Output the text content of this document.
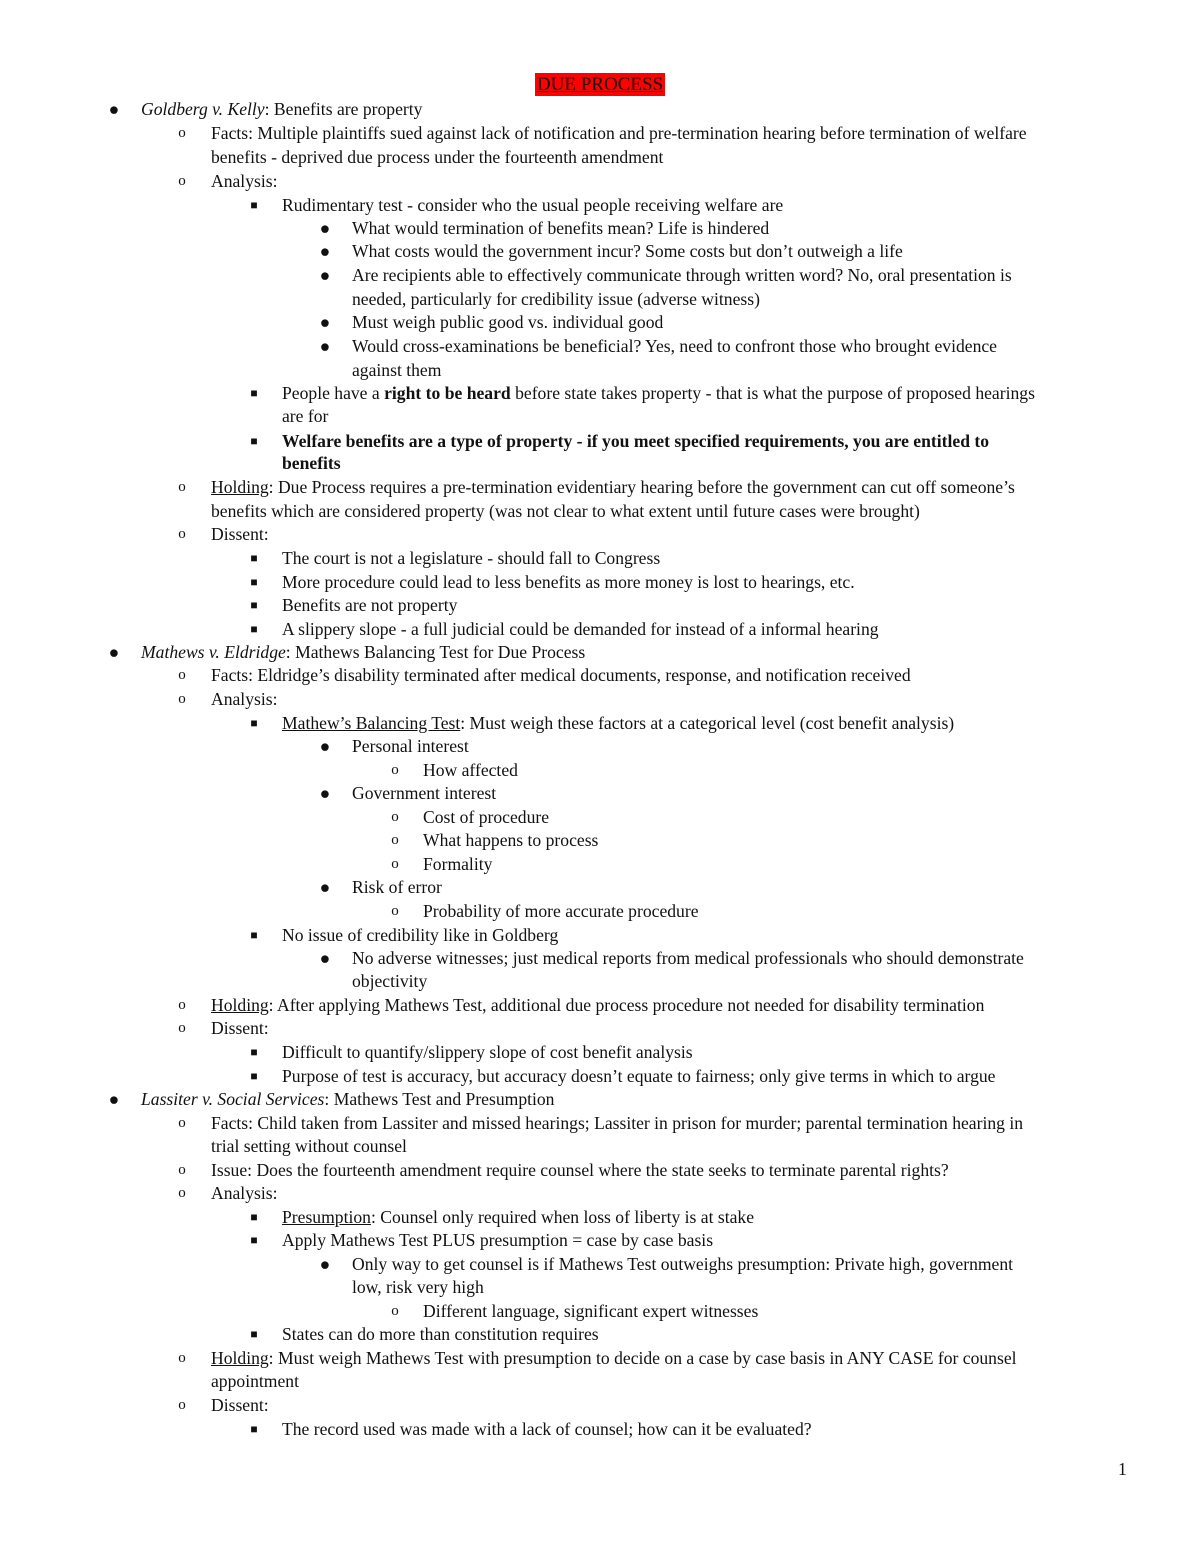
DUE PROCESS
● Goldberg v. Kelly: Benefits are property
o Facts: Multiple plaintiffs sued against lack of notification and pre-termination hearing before termination of welfare
benefits - deprived due process under the fourteenth amendment
o Analysis:
■ Rudimentary test - consider who the usual people receiving welfare are
● What would termination of benefits mean? Life is hindered
● What costs would the government incur? Some costs but don’t outweigh a life
● Are recipients able to effectively communicate through written word? No, oral presentation is
needed, particularly for credibility issue (adverse witness)
● Must weigh public good vs. individual good
● Would cross-examinations be beneficial? Yes, need to confront those who brought evidence
against them
■ People have a right to be heard before state takes property - that is what the purpose of proposed hearings
are for
■ Welfare benefits are a type of property - if you meet specified requirements, you are entitled to
benefits
o Holding: Due Process requires a pre-termination evidentiary hearing before the government can cut off someone’s
benefits which are considered property (was not clear to what extent until future cases were brought)
o Dissent:
■ The court is not a legislature - should fall to Congress
■ More procedure could lead to less benefits as more money is lost to hearings, etc.
■ Benefits are not property
■ A slippery slope - a full judicial could be demanded for instead of a informal hearing
● Mathews v. Eldridge: Mathews Balancing Test for Due Process
o Facts: Eldridge’s disability terminated after medical documents, response, and notification received
o Analysis:
■ Mathew’s Balancing Test: Must weigh these factors at a categorical level (cost benefit analysis)
● Personal interest
o How affected
● Government interest
o Cost of procedure
o What happens to process
o Formality
● Risk of error
o Probability of more accurate procedure
■ No issue of credibility like in Goldberg
● No adverse witnesses; just medical reports from medical professionals who should demonstrate
objectivity
o Holding: After applying Mathews Test, additional due process procedure not needed for disability termination
o Dissent:
■ Difficult to quantify/slippery slope of cost benefit analysis
■ Purpose of test is accuracy, but accuracy doesn’t equate to fairness; only give terms in which to argue
● Lassiter v. Social Services: Mathews Test and Presumption
o Facts: Child taken from Lassiter and missed hearings; Lassiter in prison for murder; parental termination hearing in
trial setting without counsel
o Issue: Does the fourteenth amendment require counsel where the state seeks to terminate parental rights?
o Analysis:
■ Presumption: Counsel only required when loss of liberty is at stake
■ Apply Mathews Test PLUS presumption = case by case basis
● Only way to get counsel is if Mathews Test outweighs presumption: Private high, government
low, risk very high
o Different language, significant expert witnesses
■ States can do more than constitution requires
o Holding: Must weigh Mathews Test with presumption to decide on a case by case basis in ANY CASE for counsel
appointment
o Dissent:
■ The record used was made with a lack of counsel; how can it be evaluated?
1
